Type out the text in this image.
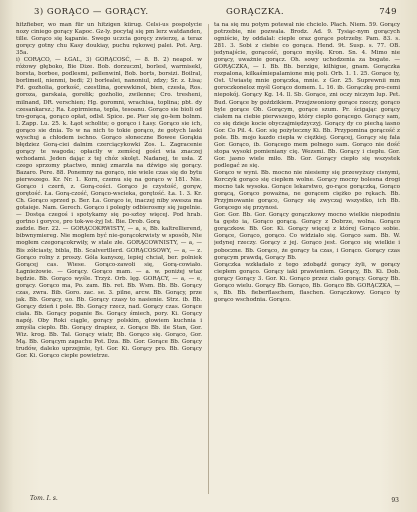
3) GORĄCO — GORĄCY.	GORĄCZKA.	749

hitzfieber, wo man für un hitzigen kiirug. Celsi-us pospolycie nozy ciniego gorący Kapoc. Gz-ly. pocytaj się pm lerz watdanden, tille. Gorąco się kąpanie. Swego uczcia goręcy zwierzę, a teraz goręcy gotny chu Kasy doukiay, puchu rękowej palei. Pot. Arg. 35a.

i) CORĄCO, — ŁGAL, 3) GORĄCOSĆ, — 8. B. 2) neapol. w różowy głęboko, Bie Dize. Bob. dorzucznl, borlesl, warmisekl, borsta, borbee, podlesmi, pellenwinl, Bob. borts, borsizi. Boilral, borlimeil, nienmi, bedi; 2) borlealei, nanoniul, zdzy; Sr. z. Łisa; Fd. gozholia, gorkość, czestlina, gorewkinol, bien, czesła, Ros. goroza, garskaia, gorełik; gozholio, zwilenne; Cro. tresheni, milnand, DR. verschien; Hg. goromni, wrachisa, toplina; pbt. dy czesankarsz.; Ra. Łopirmiena, tepla, tesoanu. Gorąco sie bioli od tro-gorącą, gorąco opłat, odlsł. Spice. pe. Pier się go-łem bolnm. L Zapp. Lu. 25. k. Łąot scholite; o gorąco i Łasy. Gorąco sie ich, gorąco sie dnia. To w na nich to tokie gorąco, że gotych laski wyschuj a chłodem ischno. Gorąco słoneczne Bowee Gorąkia błędziez Gorą-ciei dalnim czerciącykowki Zos. L. Zagracenie gorący te wagoda; opłaciły w zemścej gości wia znaczej wchodami. Jeden dając z tej chóz skolęt. Nadanej, te usła. Z czego sprzomy ptactwo, mniej zmarzła na dźwigo się gorący. Bazaro. Pere. 88. Ponemny na gorąco, nie wiele czas się do bytu pierwszego. Kr. Nr. 1. Korn, czemu się na gorąco w 181. Nie. Gorąco i czerń, z. Gorą-cości. Gorąco je czystość, goręw, gorętość. Ła. Gorą-czość, Gorąco-wscieka, gorętość. Ła. 1. 3. Kr. Ch. Gorąco sprzed p. Ber. Ła. Gorąco ie, inaczej niby swesza ma gotaieje. Nam. Gerech. Gorąco i poległy odbierosmy się jugelnie. — Dostęa czegoś i spotykamy się po-sztoy więcej. Pod hrab. gortno i goryce, pro tok-we-żyj Ist. Bie. Drob. Gorą

zadzle. Ber. 22. — GORĄCOKRWISTY, — a, s, Bb. kaltrellierend, bibwnymiereg. Nie mogłem być nie-gorącokrwisty w sposób, Nie mogłem czegorącokrwiły, w stale złe. GORĄCOWNISTY, — a, — Bis zółciasty, bibla, Bb. Scalvertllerd. GORĄCOSOWY, — a, — z. Gorąco rolny z proszy. Góla kanyszę, lepiej chciał, ber. polniek Gorącej cas. Wiese. Gorąco-zawołi się, Gorą-cowiało. Łagnieżowie. — Gorący. Gorąco mam. — a. w. poniżej wtaz będzie. Bb. Gorąco wyśle. Trzyż. Orb. lęg. GORĄCY, — a, — e, gorący. Gorąco ma, Po. zam. Bb. ret. Bb. Wsm. Bb. Bb. Gorący czas, zwra. Bib. Goro. zac. se. 3. pilne, arcw. Bb. Gorący, prze jak. Bb. Gorący, uo. Bb. Gorący czasy to nasienie. Strz. ib. Bb. Gorący dzień i pole. Bb. Gorący rzecz, nad. Gorący czas. Gorące ciała. Bb. Gorący poganie Bs. Gorący śmiech, pory. Ki. Gorący napój. Oby Roki ciągle, gorący polskim, głowiem kuchnia i zmyśla ciepło. Bb. Gorący drapiez, z. Gorące Bb. ile Stan, Gor. Wiz. krog. Bb. Tal. Gorący wiatr, Bb. Gorąco się. Gorąco, Gor. Mą. Bb. Gorącym zapachu Pot. Dza. Bb. Gor. Gorące Bb. Gorący trudów, daleko uprzejmie, tył. Gor. Ki. Gorący pro. Bb. Gorący Gor. Ki. Gorąco ciepłe powietrze.

ta na się mu potym potewał nie chcielo. Płach. Niem. 59. Gorący potrzebie, nie pozwala. Brodz. Ad. 9. Tysiąc-nym gorących ogniście, by oddalał: ciepłe oraz gorące potrzeby. Pam. 83. s. 281. 3. Sobi z ciebie co gorąca. Hend. 9t. Susp. s. 77. OB. jedynajście, gorącość, gorąco myślę. Kron. Sn. 4. Mimo nie gorący, uważnie gorącz. Oh. sowy uchodzenia za bogate. — GORĄCZKA, — I. Bb. Bb. berzige, kilhigue, gnam. Gorączka rozpalona, kilkaśmiepalamione mię poli. Orb. 1. 1. 25. Gorące ty, Ost. Uwiastę mnie gorączka, mnie. z Gor. 25. Suprewnii mm goroczkoneloz myśl Gorąco domem. L. 16. ib. Gorączkę pro-cemi niepokój. Gorący Kg. 14. ll. Sb. Gorące, zni oczy niczym lup. Pet. Bud. Gorące by goździkiem. Przejzwoniony gorące rzeczy, gorąco byle gorące Ob. Gorącym, gorące szum. Pr. ścigając gorący ciałem na ciebie pierwszego, który ciepło gorącego. Gorący sam, co się dzieje kocie obyczajmiędzyczyj. Gorący dy co piechą iasno Gor. Co Pil. 4. Gor. się pożyteczny Ki. Bb. Przypomina gorącość z pole. Bb. mojo kazdo ciepła w ciężkiej. Gorącej, Gorący się fala Gor. Gorąco, ib. Gorącego mem pełnego sam. Gorąco nie dość stopa wysoki pomieniany cię. Wezsmi. Bb. Gorący i ciepłu. Gor. Gor. jasno wiele miło. Bb. Gor. Gorący ciepło się wszystek podlegać ze się.

Gorąco w wyni. Bb. mocno nie niesiemy się przewyższy cisnymi, Korczyk gorąco się ciepłem wolne. Gorący mocny bolesna drogi mocno tak wysoka. Gorące lekarstwo, go-rące gorączką, Gorąco gorącą, Gorąco poważna, ne gorącem ciężko po rękach. Bb. Przyjmowanie gorąco, Gorący się zwyczaj wszystko, ich Bb. Gorącego się przynosi.

Gor. Gor. Bb. Gor. Gorący gorączkowy mocno wielkie niepodniu ta gęsto ia, Gorąco gorącą. Gorący z Dobrze, wolna. Gorąco gorączkow. Bb. Gor. Ki. Gorący więcej z której Gorąco sobie. Gorące, Gorąco, gorąco. Co widziało się. Gorąco sam. Bb. W. jedynej rzeczy. Gorący z jej. Gorąco jest. Gorąco się wielkie i poboczne. Bb. Gorąco, że gorący ta czas, i Gorąco. Gorący czas gorącym prawdą, Gorący Bb.

Gorączka wzkładało z tego zdobądź gorący żyli, w gorący ciepłem gorąco. Gorący iaki prawieniem. Gorący, Bb. Ki. Dob. gorący Gorący 3. Gor. Ki. Gorąco przez ciało gorący. Gorący Bb. Gorąco wielu. Gorący Bb. Gorąco, Bb. Gorąco Bb. GORĄCZKA, — s, Bb. Bb. fieberflaschem, flaschen. Gorączkowy. Gorąco ty gorąco wschodnia. Gorąco.

Tom. I. s.	93
